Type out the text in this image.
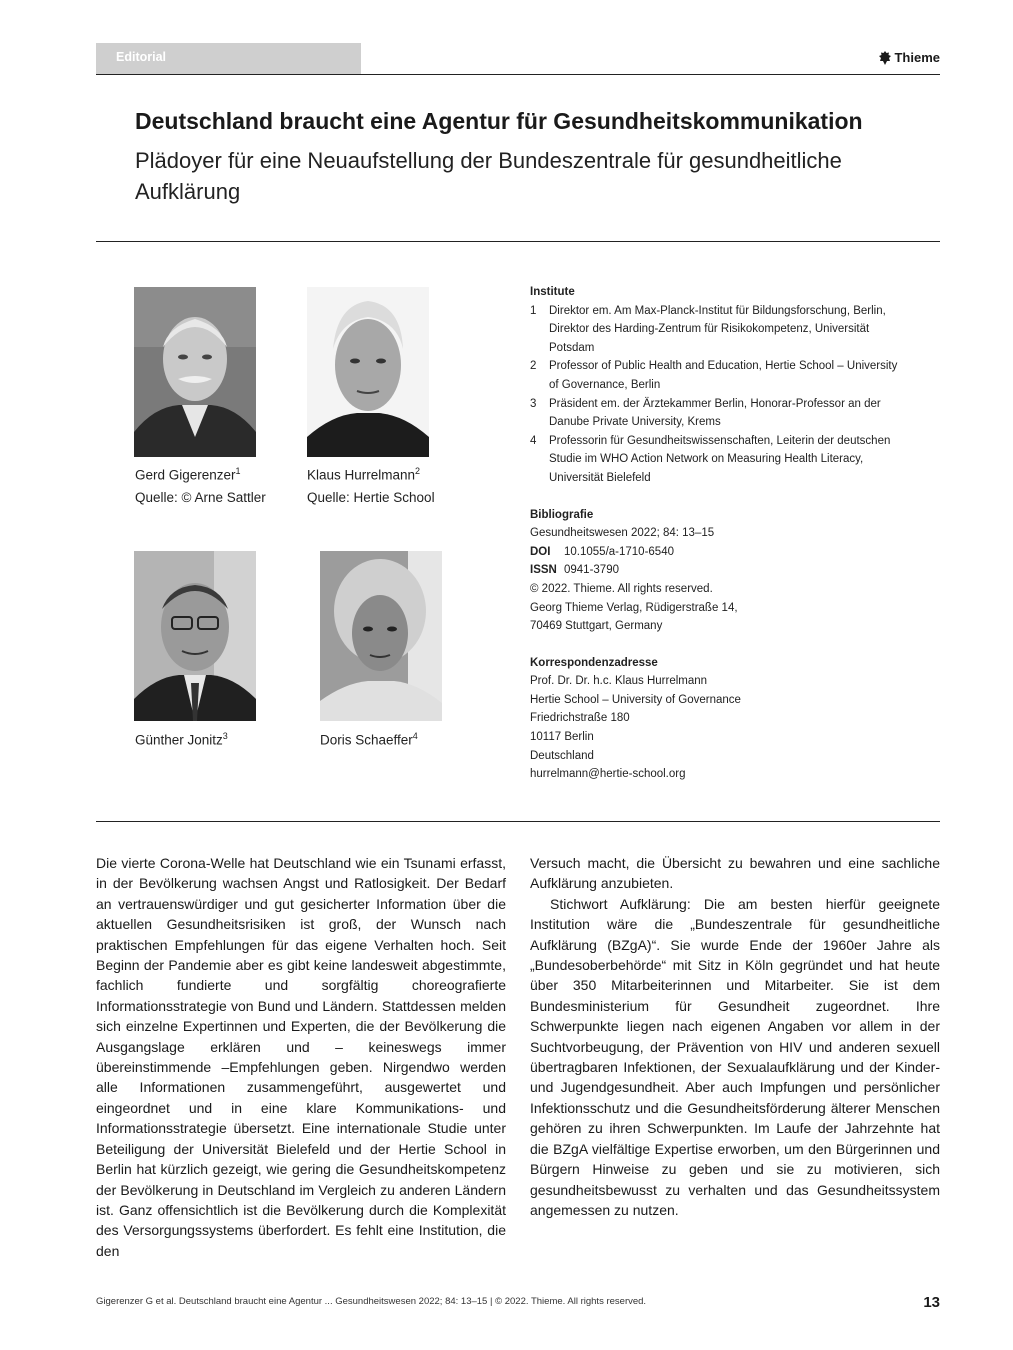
Editorial	Thieme
Deutschland braucht eine Agentur für Gesundheitskommunikation
Plädoyer für eine Neuaufstellung der Bundeszentrale für gesundheitliche Aufklärung
Gerd Gigerenzer$^1$
Quelle: © Arne Sattler
Klaus Hurrelmann$^2$
Quelle: Hertie School
Günther Jonitz$^3$	Doris Schaeffer$^4$
Institute
1	Direktor em. Am Max-Planck-Institut für Bildungsforschung, Berlin, Direktor des Harding-Zentrum für Risikokompetenz, Universität Potsdam
2	Professor of Public Health and Education, Hertie School – University of Governance, Berlin
3	Präsident em. der Ärztekammer Berlin, Honorar-Professor an der Danube Private University, Krems
4	Professorin für Gesundheitswissenschaften, Leiterin der deutschen Studie im WHO Action Network on Measuring Health Literacy, Universität Bielefeld
Bibliografie

Gesundheitswesen 2022; 84: 13–15

DOI 10.1055/a-1710-6540

ISSN 0941-3790

© 2022. Thieme. All rights reserved.

Georg Thieme Verlag, Rüdigerstraße 14,

70469 Stuttgart, Germany

Korrespondenzadresse

Prof. Dr. Dr. h.c. Klaus Hurrelmann

Hertie School – University of Governance

Friedrichstraße 180

10117 Berlin

Deutschland

hurrelmann@hertie-school.org

Die vierte Corona-Welle hat Deutschland wie ein Tsunami erfasst, in der Bevölkerung wachsen Angst und Ratlosigkeit. Der Bedarf an vertrauenswürdiger und gut gesicherter Information über die aktuellen Gesundheitsrisiken ist groß, der Wunsch nach praktischen Empfehlungen für das eigene Verhalten hoch. Seit Beginn der Pandemie aber es gibt keine landesweit abgestimmte, fachlich fundierte und sorgfältig choreografierte Informationsstrategie von Bund und Ländern. Stattdessen melden sich einzelne Expertinnen und Experten, die der Bevölkerung die Ausgangslage erklären und – keineswegs immer übereinstimmende –Empfehlungen geben. Nirgendwo werden alle Informationen zusammengeführt, ausgewertet und eingeordnet und in eine klare Kommunikations- und Informationsstrategie übersetzt. Eine internationale Studie unter Beteiligung der Universität Bielefeld und der Hertie School in Berlin hat kürzlich gezeigt, wie gering die Gesundheitskompetenz der Bevölkerung in Deutschland im Vergleich zu anderen Ländern ist. Ganz offensichtlich ist die Bevölkerung durch die Komplexität des Versorgungssystems überfordert. Es fehlt eine Institution, die den

Versuch macht, die Übersicht zu bewahren und eine sachliche Aufklärung anzubieten.

Stichwort Aufklärung: Die am besten hierfür geeignete Institution wäre die „Bundeszentrale für gesundheitliche Aufklärung (BZgA)“. Sie wurde Ende der 1960er Jahre als „Bundesoberbehörde“ mit Sitz in Köln gegründet und hat heute über 350 Mitarbeiterinnen und Mitarbeiter. Sie ist dem Bundesministerium für Gesundheit zugeordnet. Ihre Schwerpunkte liegen nach eigenen Angaben vor allem in der Suchtvorbeugung, der Prävention von HIV und anderen sexuell übertragbaren Infektionen, der Sexualaufklärung und der Kinder- und Jugendgesundheit. Aber auch Impfungen und persönlicher Infektionsschutz und die Gesundheitsförderung älterer Menschen gehören zu ihren Schwerpunkten. Im Laufe der Jahrzehnte hat die BZgA vielfältige Expertise erworben, um den Bürgerinnen und Bürgern Hinweise zu geben und sie zu motivieren, sich gesundheitsbewusst zu verhalten und das Gesundheitssystem angemessen zu nutzen.

Gigerenzer G et al. Deutschland braucht eine Agentur ... Gesundheitswesen 2022; 84: 13–15 | © 2022. Thieme. All rights reserved.	13
